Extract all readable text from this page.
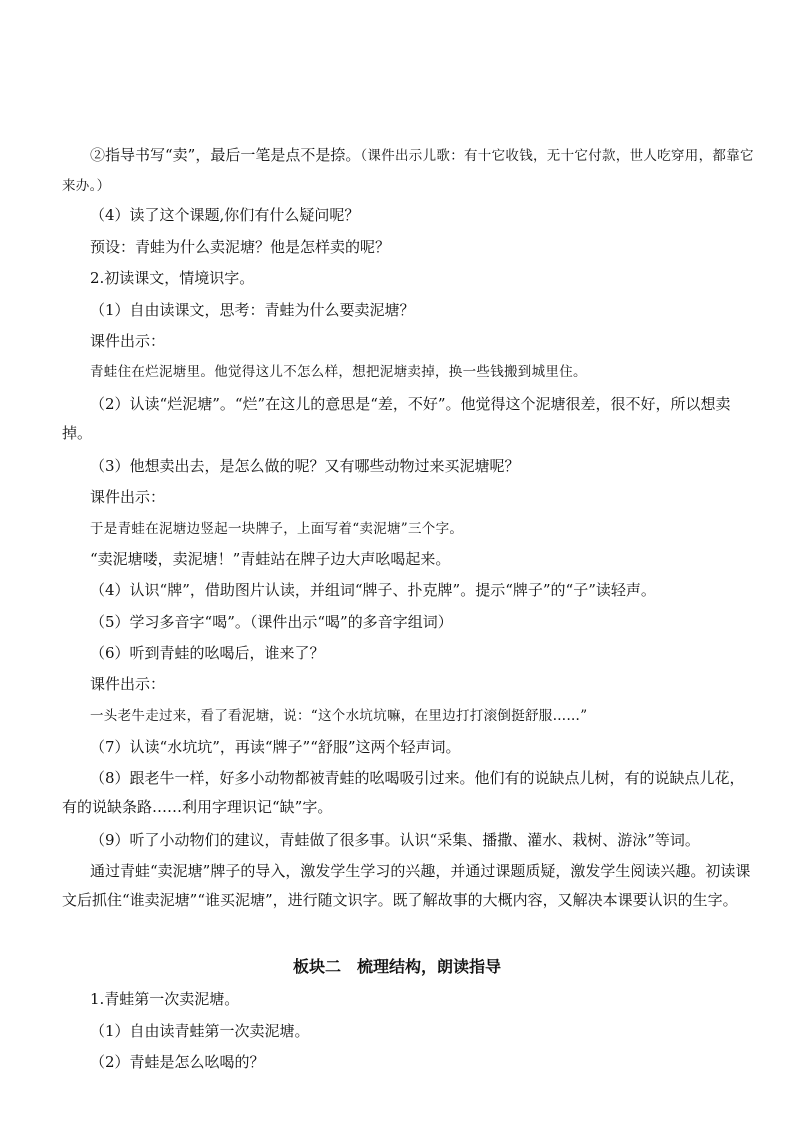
②指导书写“卖”，最后一笔是点不是捺。（课件出示儿歌：有十它收钱，无十它付款，世人吃穿用，都靠它来办。）
（4）读了这个课题,你们有什么疑问呢？
预设：青蛙为什么卖泥塘？他是怎样卖的呢？
2.初读课文，情境识字。
（1）自由读课文，思考：青蛙为什么要卖泥塘？
课件出示：
青蛙住在烂泥塘里。他觉得这儿不怎么样，想把泥塘卖掉，换一些钱搬到城里住。
（2）认读“烂泥塘”。“烂”在这儿的意思是“差，不好”。他觉得这个泥塘很差，很不好，所以想卖掉。
（3）他想卖出去，是怎么做的呢？又有哪些动物过来买泥塘呢？
课件出示：
于是青蛙在泥塘边竖起一块牌子，上面写着“卖泥塘”三个字。
“卖泥塘喽，卖泥塘！”青蛙站在牌子边大声吆喝起来。
（4）认识“牌”，借助图片认读，并组词“牌子、扑克牌”。提示“牌子”的“子”读轻声。
（5）学习多音字“喝”。（课件出示“喝”的多音字组词）
（6）听到青蛙的吆喝后，谁来了？
课件出示：
一头老牛走过来，看了看泥塘，说：“这个水坑坑嘛，在里边打打滚倒挺舒服……”
（7）认读“水坑坑”，再读“牌子”“舒服”这两个轻声词。
（8）跟老牛一样，好多小动物都被青蛙的吆喝吸引过来。他们有的说缺点儿树，有的说缺点儿花，有的说缺条路……利用字理识记“缺”字。
（9）听了小动物们的建议，青蛙做了很多事。认识“采集、播撒、灌水、栽树、游泳”等词。
通过青蛙“卖泥塘”牌子的导入，激发学生学习的兴趣，并通过课题质疑，激发学生阅读兴趣。初读课文后抓住“谁卖泥塘”“谁买泥塘”，进行随文识字。既了解故事的大概内容，又解决本课要认识的生字。
板块二　梳理结构，朗读指导
1.青蛙第一次卖泥塘。
（1）自由读青蛙第一次卖泥塘。
（2）青蛙是怎么吆喝的？
